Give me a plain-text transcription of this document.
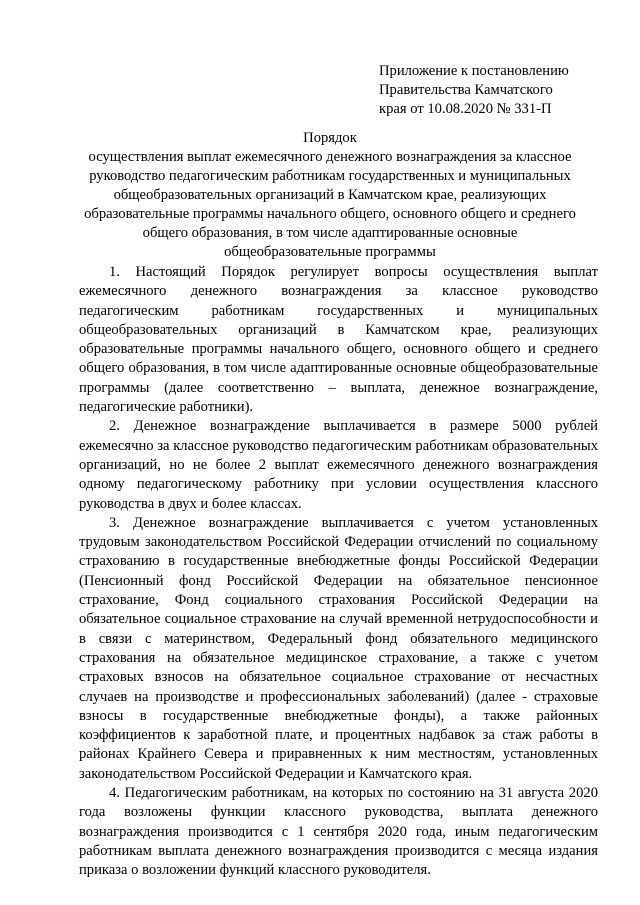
Приложение к постановлению
Правительства Камчатского
края от 10.08.2020 № 331-П
Порядок
осуществления выплат ежемесячного денежного вознаграждения за классное
руководство педагогическим работникам государственных и муниципальных
общеобразовательных организаций в Камчатском крае, реализующих
образовательные программы начального общего, основного общего и среднего
общего образования, в том числе адаптированные основные
общеобразовательные программы

1. Настоящий Порядок регулирует вопросы осуществления выплат ежемесячного денежного вознаграждения за классное руководство педагогическим работникам государственных и муниципальных общеобразовательных организаций в Камчатском крае, реализующих образовательные программы начального общего, основного общего и среднего общего образования, в том числе адаптированные основные общеобразовательные программы (далее соответственно – выплата, денежное вознаграждение, педагогические работники).

2. Денежное вознаграждение выплачивается в размере 5000 рублей ежемесячно за классное руководство педагогическим работникам образовательных организаций, но не более 2 выплат ежемесячного денежного вознаграждения одному педагогическому работнику при условии осуществления классного руководства в двух и более классах.

3. Денежное вознаграждение выплачивается с учетом установленных трудовым законодательством Российской Федерации отчислений по социальному страхованию в государственные внебюджетные фонды Российской Федерации (Пенсионный фонд Российской Федерации на обязательное пенсионное страхование, Фонд социального страхования Российской Федерации на обязательное социальное страхование на случай временной нетрудоспособности и в связи с материнством, Федеральный фонд обязательного медицинского страхования на обязательное медицинское страхование, а также с учетом страховых взносов на обязательное социальное страхование от несчастных случаев на производстве и профессиональных заболеваний) (далее - страховые взносы в государственные внебюджетные фонды), а также районных коэффициентов к заработной плате, и процентных надбавок за стаж работы в районах Крайнего Севера и приравненных к ним местностям, установленных законодательством Российской Федерации и Камчатского края.

4. Педагогическим работникам, на которых по состоянию на 31 августа 2020 года возложены функции классного руководства, выплата денежного вознаграждения производится с 1 сентября 2020 года, иным педагогическим работникам выплата денежного вознаграждения производится с месяца издания приказа о возложении функций классного руководителя.
